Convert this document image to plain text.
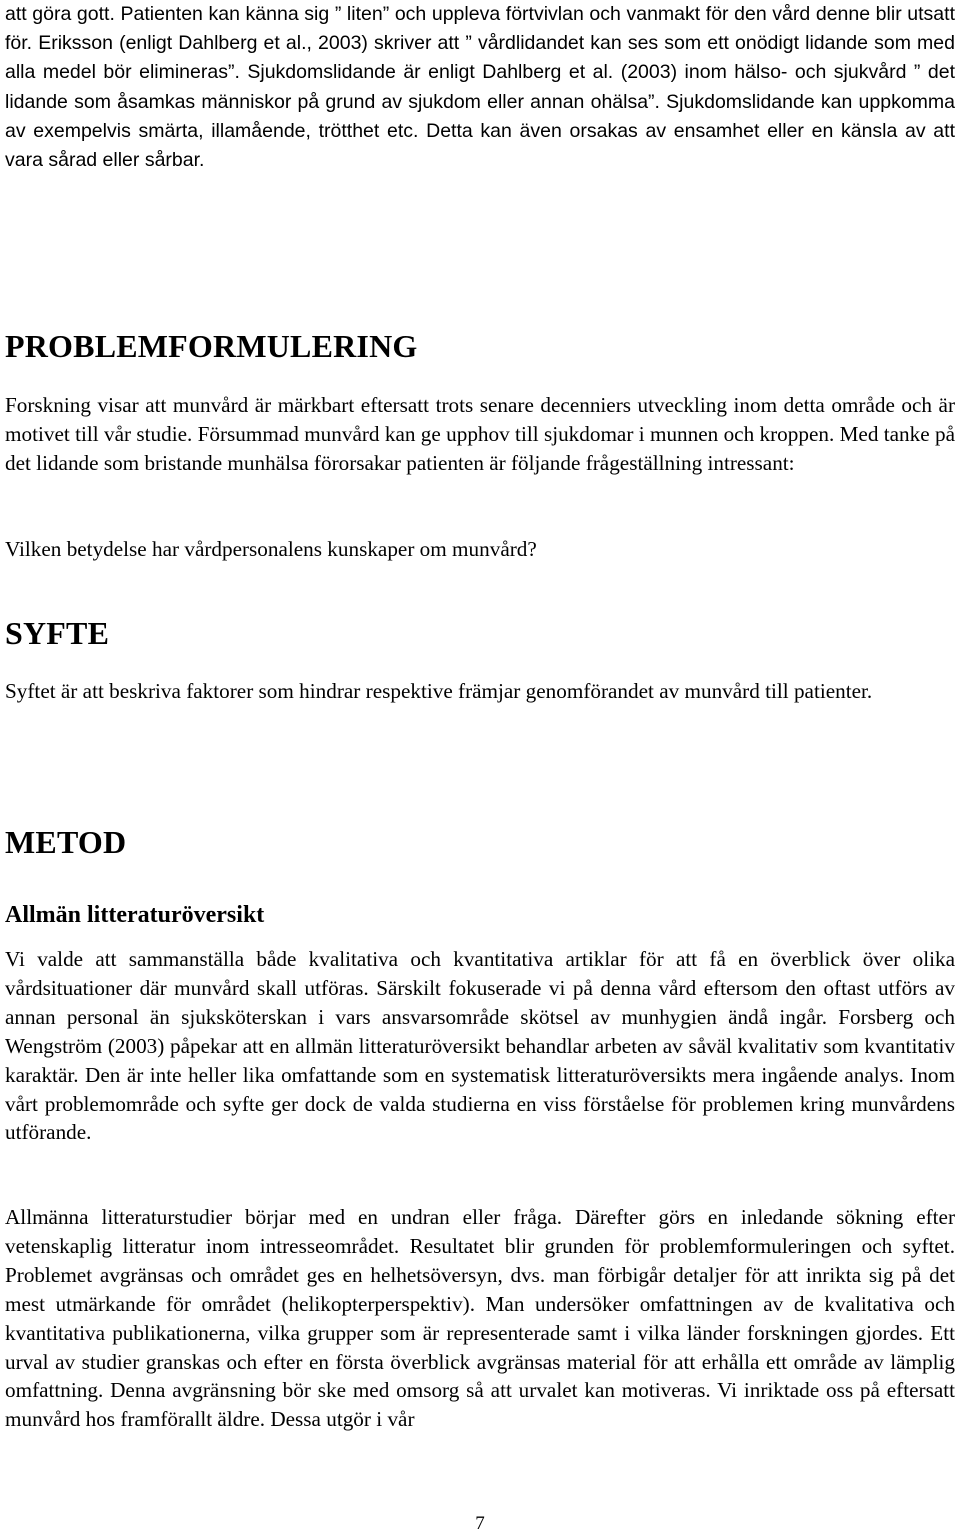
att göra gott. Patienten kan känna sig ” liten” och uppleva förtvivlan och vanmakt för den vård denne blir utsatt för. Eriksson (enligt Dahlberg et al., 2003) skriver att ” vårdlidandet kan ses som ett onödigt lidande som med alla medel bör elimineras”. Sjukdomslidande är enligt Dahlberg et al. (2003) inom hälso- och sjukvård ” det lidande som åsamkas människor på grund av sjukdom eller annan ohälsa”. Sjukdomslidande kan uppkomma av exempelvis smärta, illamående, trötthet etc. Detta kan även orsakas av ensamhet eller en känsla av att vara sårad eller sårbar.

PROBLEMFORMULERING

Forskning visar att munvård är märkbart eftersatt trots senare decenniers utveckling inom detta område och är motivet till vår studie. Försummad munvård kan ge upphov till sjukdomar i munnen och kroppen. Med tanke på det lidande som bristande munhälsa förorsakar patienten är följande frågeställning intressant:

Vilken betydelse har vårdpersonalens kunskaper om munvård?

SYFTE

Syftet är att beskriva faktorer som hindrar respektive främjar genomförandet av munvård till patienter.

METOD
Allmän litteraturöversikt

Vi valde att sammanställa både kvalitativa och kvantitativa artiklar för att få en överblick över olika vårdsituationer där munvård skall utföras. Särskilt fokuserade vi på denna vård eftersom den oftast utförs av annan personal än sjuksköterskan i vars ansvarsområde skötsel av munhygien ändå ingår. Forsberg och Wengström (2003) påpekar att en allmän litteraturöversikt behandlar arbeten av såväl kvalitativ som kvantitativ karaktär. Den är inte heller lika omfattande som en systematisk litteraturöversikts mera ingående analys. Inom vårt problemområde och syfte ger dock de valda studierna en viss förståelse för problemen kring munvårdens utförande.

Allmänna litteraturstudier börjar med en undran eller fråga. Därefter görs en inledande sökning efter vetenskaplig litteratur inom intresseområdet. Resultatet blir grunden för problemformuleringen och syftet. Problemet avgränsas och området ges en helhetsöversyn, dvs. man förbigår detaljer för att inrikta sig på det mest utmärkande för området (helikopterperspektiv). Man undersöker omfattningen av de kvalitativa och kvantitativa publikationerna, vilka grupper som är representerade samt i vilka länder forskningen gjordes. Ett urval av studier granskas och efter en första överblick avgränsas material för att erhålla ett område av lämplig omfattning. Denna avgränsning bör ske med omsorg så att urvalet kan motiveras. Vi inriktade oss på eftersatt munvård hos framförallt äldre. Dessa utgör i vår

7
